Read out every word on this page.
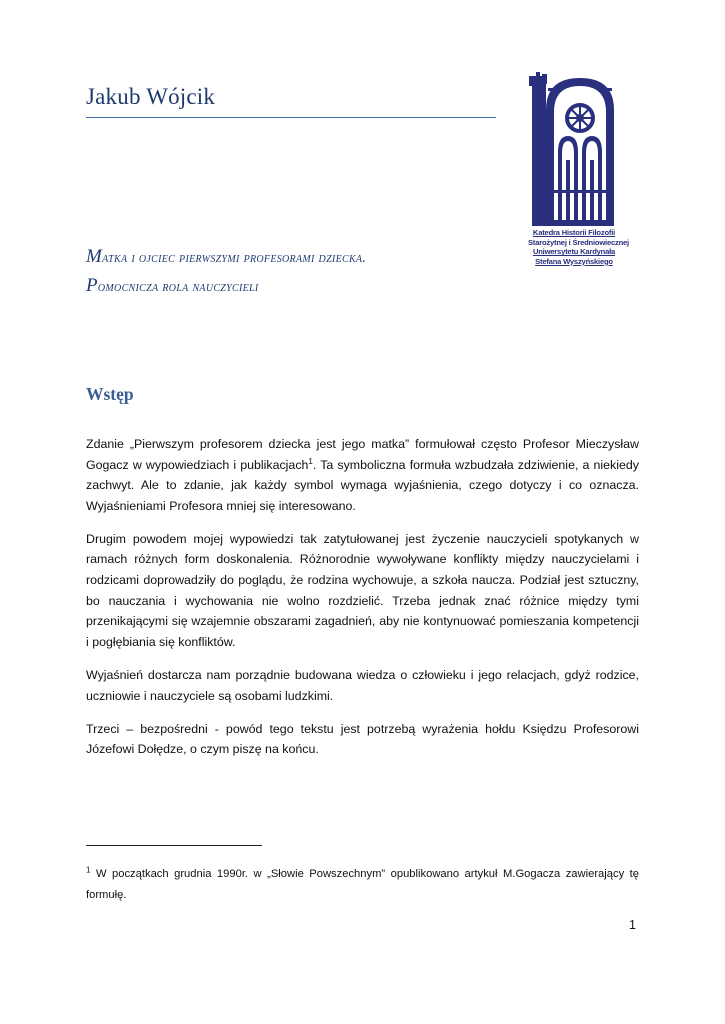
Jakub Wójcik
Katedra Historii Filozofii
Starożytnej i Średniowiecznej
Uniwersytetu Kardynała
Stefana Wyszyńskiego
Matka i ojciec pierwszymi profesorami dziecka.
Pomocnicza rola nauczycieli
Wstęp

Zdanie „Pierwszym profesorem dziecka jest jego matka” formułował często Profesor Mieczysław Gogacz w wypowiedziach i publikacjach$^1$. Ta symboliczna formuła wzbudzała zdziwienie, a niekiedy zachwyt. Ale to zdanie, jak każdy symbol wymaga wyjaśnienia, czego dotyczy i co oznacza. Wyjaśnieniami Profesora mniej się interesowano.

Drugim powodem mojej wypowiedzi tak zatytułowanej jest życzenie nauczycieli spotykanych w ramach różnych form doskonalenia. Różnorodnie wywoływane konflikty między nauczycielami i rodzicami doprowadziły do poglądu, że rodzina wychowuje, a szkoła naucza. Podział jest sztuczny, bo nauczania i wychowania nie wolno rozdzielić. Trzeba jednak znać różnice między tymi przenikającymi się wzajemnie obszarami zagadnień, aby nie kontynuować pomieszania kompetencji i pogłębiania się konfliktów.

Wyjaśnień dostarcza nam porządnie budowana wiedza o człowieku i jego relacjach, gdyż rodzice, uczniowie i nauczyciele są osobami ludzkimi.

Trzeci – bezpośredni - powód tego tekstu jest potrzebą wyrażenia hołdu Księdzu Profesorowi Józefowi Dołędze, o czym piszę na końcu.

$^1$ W początkach grudnia 1990r. w „Słowie Powszechnym” opublikowano artykuł M.Gogacza zawierający tę formułę.
1
